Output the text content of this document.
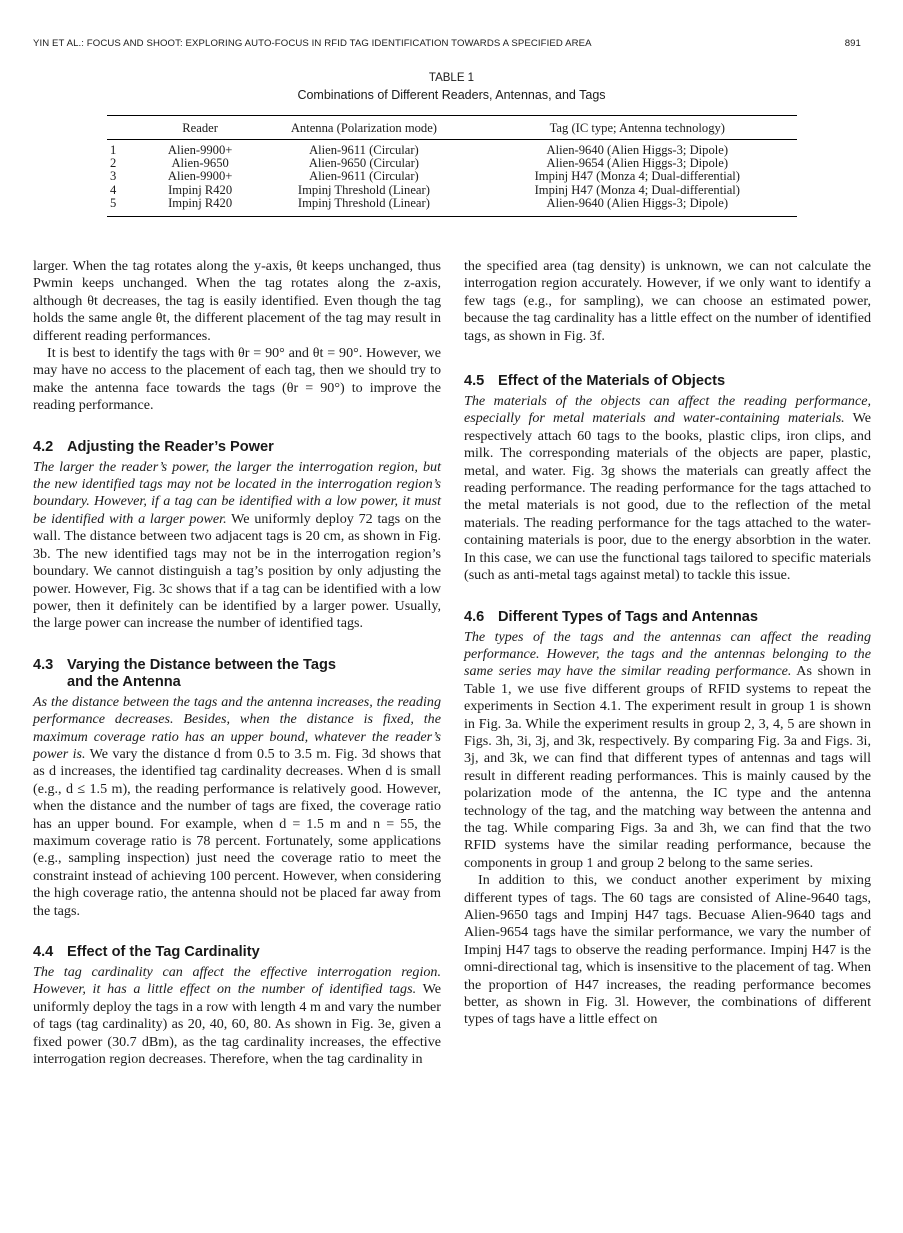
YIN ET AL.: FOCUS AND SHOOT: EXPLORING AUTO-FOCUS IN RFID TAG IDENTIFICATION TOWARDS A SPECIFIED AREA	891
TABLE 1
Combinations of Different Readers, Antennas, and Tags
	Reader	Antenna (Polarization mode)	Tag (IC type; Antenna technology)
1	Alien-9900+	Alien-9611 (Circular)	Alien-9640 (Alien Higgs-3; Dipole)
2	Alien-9650	Alien-9650 (Circular)	Alien-9654 (Alien Higgs-3; Dipole)
3	Alien-9900+	Alien-9611 (Circular)	Impinj H47 (Monza 4; Dual-differential)
4	Impinj R420	Impinj Threshold (Linear)	Impinj H47 (Monza 4; Dual-differential)
5	Impinj R420	Impinj Threshold (Linear)	Alien-9640 (Alien Higgs-3; Dipole)

larger. When the tag rotates along the y-axis, θt keeps unchanged, thus Pwmin keeps unchanged. When the tag rotates along the z-axis, although θt decreases, the tag is easily identified. Even though the tag holds the same angle θt, the different placement of the tag may result in different reading performances.

It is best to identify the tags with θr = 90° and θt = 90°. However, we may have no access to the placement of each tag, then we should try to make the antenna face towards the tags (θr = 90°) to improve the reading performance.

4.2 Adjusting the Reader’s Power

The larger the reader’s power, the larger the interrogation region, but the new identified tags may not be located in the interrogation region’s boundary. However, if a tag can be identified with a low power, it must be identified with a larger power. We uniformly deploy 72 tags on the wall. The distance between two adjacent tags is 20 cm, as shown in Fig. 3b. The new identified tags may not be in the interrogation region’s boundary. We cannot distinguish a tag’s position by only adjusting the power. However, Fig. 3c shows that if a tag can be identified with a low power, then it definitely can be identified by a larger power. Usually, the large power can increase the number of identified tags.

4.3 Varying the Distance between the Tags
and the Antenna

As the distance between the tags and the antenna increases, the reading performance decreases. Besides, when the distance is fixed, the maximum coverage ratio has an upper bound, whatever the reader’s power is. We vary the distance d from 0.5 to 3.5 m. Fig. 3d shows that as d increases, the identified tag cardinality decreases. When d is small (e.g., d ≤ 1.5 m), the reading performance is relatively good. However, when the distance and the number of tags are fixed, the coverage ratio has an upper bound. For example, when d = 1.5 m and n = 55, the maximum coverage ratio is 78 percent. Fortunately, some applications (e.g., sampling inspection) just need the coverage ratio to meet the constraint instead of achieving 100 percent. However, when considering the high coverage ratio, the antenna should not be placed far away from the tags.

4.4 Effect of the Tag Cardinality

The tag cardinality can affect the effective interrogation region. However, it has a little effect on the number of identified tags. We uniformly deploy the tags in a row with length 4 m and vary the number of tags (tag cardinality) as 20, 40, 60, 80. As shown in Fig. 3e, given a fixed power (30.7 dBm), as the tag cardinality increases, the effective interrogation region decreases. Therefore, when the tag cardinality in

the specified area (tag density) is unknown, we can not calculate the interrogation region accurately. However, if we only want to identify a few tags (e.g., for sampling), we can choose an estimated power, because the tag cardinality has a little effect on the number of identified tags, as shown in Fig. 3f.

4.5 Effect of the Materials of Objects

The materials of the objects can affect the reading performance, especially for metal materials and water-containing materials. We respectively attach 60 tags to the books, plastic clips, iron clips, and milk. The corresponding materials of the objects are paper, plastic, metal, and water. Fig. 3g shows the materials can greatly affect the reading performance. The reading performance for the tags attached to the metal materials is not good, due to the reflection of the metal materials. The reading performance for the tags attached to the water-containing materials is poor, due to the energy absorbtion in the water. In this case, we can use the functional tags tailored to specific materials (such as anti-metal tags against metal) to tackle this issue.

4.6 Different Types of Tags and Antennas

The types of the tags and the antennas can affect the reading performance. However, the tags and the antennas belonging to the same series may have the similar reading performance. As shown in Table 1, we use five different groups of RFID systems to repeat the experiments in Section 4.1. The experiment result in group 1 is shown in Fig. 3a. While the experiment results in group 2, 3, 4, 5 are shown in Figs. 3h, 3i, 3j, and 3k, respectively. By comparing Fig. 3a and Figs. 3i, 3j, and 3k, we can find that different types of antennas and tags will result in different reading performances. This is mainly caused by the polarization mode of the antenna, the IC type and the antenna technology of the tag, and the matching way between the antenna and the tag. While comparing Figs. 3a and 3h, we can find that the two RFID systems have the similar reading performance, because the components in group 1 and group 2 belong to the same series.

In addition to this, we conduct another experiment by mixing different types of tags. The 60 tags are consisted of Aline-9640 tags, Alien-9650 tags and Impinj H47 tags. Becuase Alien-9640 tags and Alien-9654 tags have the similar performance, we vary the number of Impinj H47 tags to observe the reading performance. Impinj H47 is the omni-directional tag, which is insensitive to the placement of tag. When the proportion of H47 increases, the reading performance becomes better, as shown in Fig. 3l. However, the combinations of different types of tags have a little effect on
